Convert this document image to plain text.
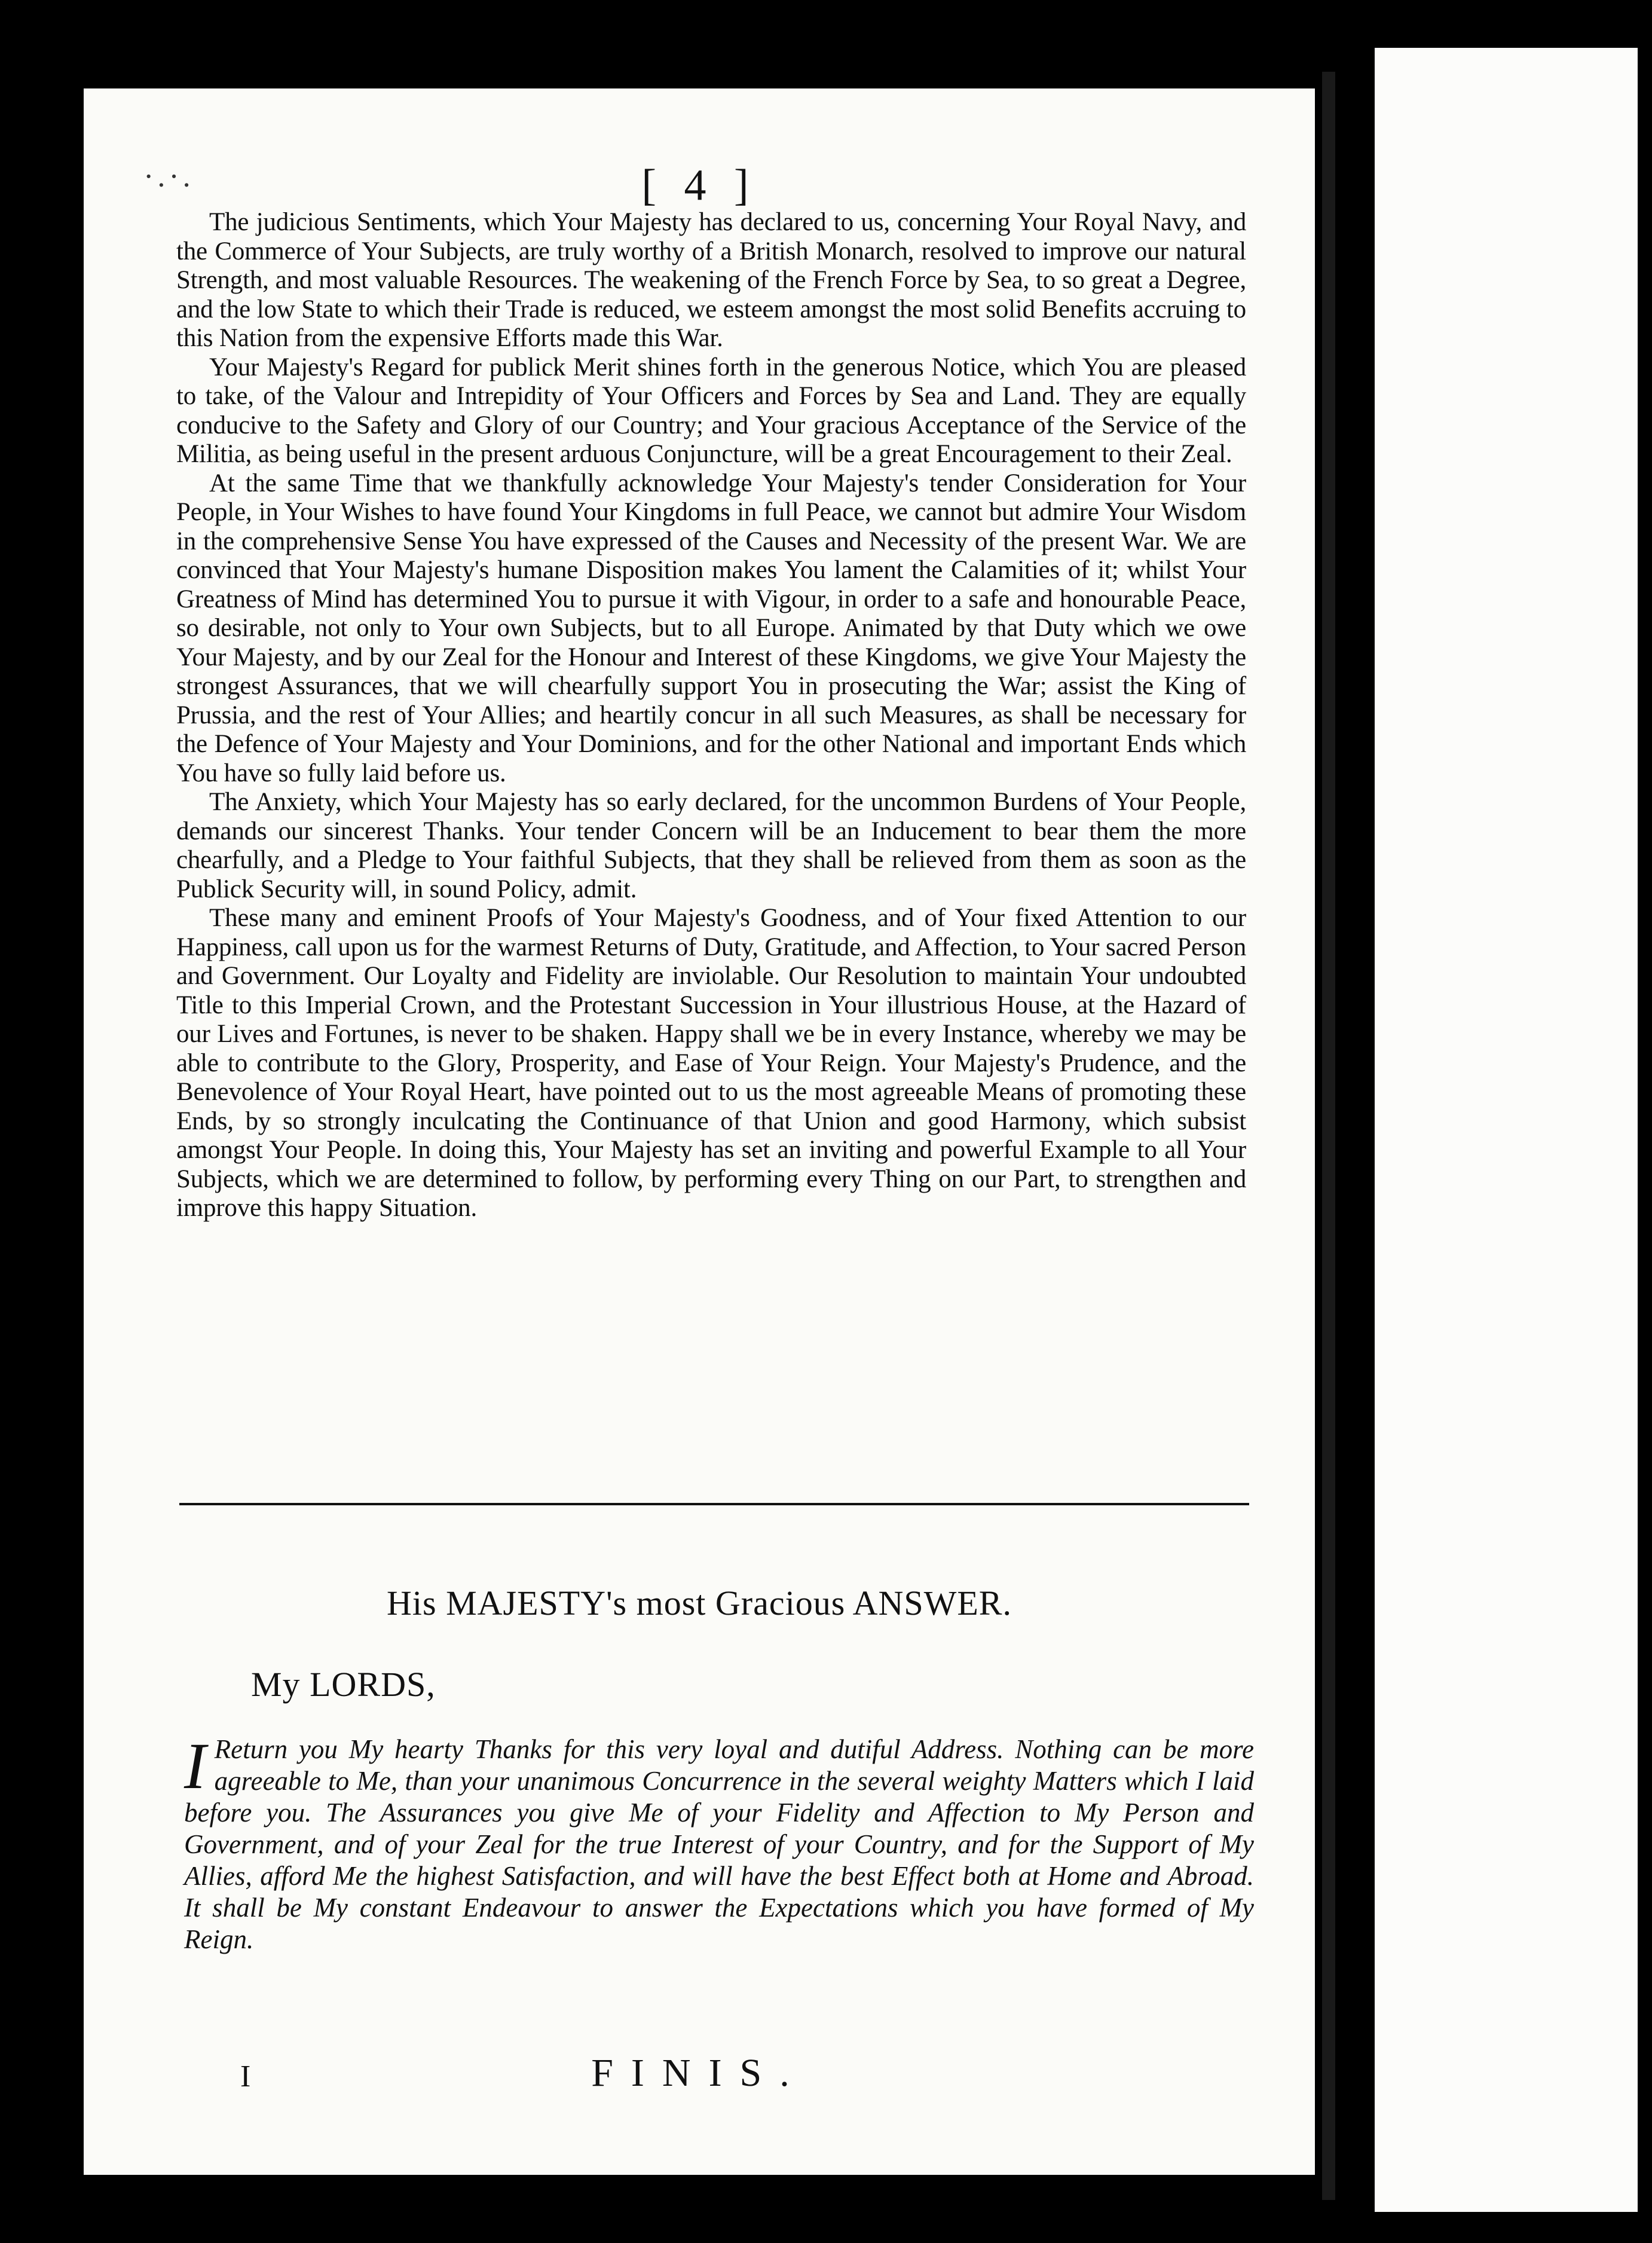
·.·.	[ 4 ]

The judicious Sentiments, which Your Majesty has declared to us, concerning Your Royal Navy, and the Commerce of Your Subjects, are truly worthy of a British Monarch, resolved to improve our natural Strength, and most valuable Resources. The weakening of the French Force by Sea, to so great a Degree, and the low State to which their Trade is reduced, we esteem amongst the most solid Benefits accruing to this Nation from the expensive Efforts made this War.

Your Majesty's Regard for publick Merit shines forth in the generous Notice, which You are pleased to take, of the Valour and Intrepidity of Your Officers and Forces by Sea and Land. They are equally conducive to the Safety and Glory of our Country; and Your gracious Acceptance of the Service of the Militia, as being useful in the present arduous Conjuncture, will be a great Encouragement to their Zeal.

At the same Time that we thankfully acknowledge Your Majesty's tender Consideration for Your People, in Your Wishes to have found Your Kingdoms in full Peace, we cannot but admire Your Wisdom in the comprehensive Sense You have expressed of the Causes and Necessity of the present War. We are convinced that Your Majesty's humane Disposition makes You lament the Calamities of it; whilst Your Greatness of Mind has determined You to pursue it with Vigour, in order to a safe and honourable Peace, so desirable, not only to Your own Subjects, but to all Europe. Animated by that Duty which we owe Your Majesty, and by our Zeal for the Honour and Interest of these Kingdoms, we give Your Majesty the strongest Assurances, that we will chearfully support You in prosecuting the War; assist the King of Prussia, and the rest of Your Allies; and heartily concur in all such Measures, as shall be necessary for the Defence of Your Majesty and Your Dominions, and for the other National and important Ends which You have so fully laid before us.

The Anxiety, which Your Majesty has so early declared, for the uncommon Burdens of Your People, demands our sincerest Thanks. Your tender Concern will be an Inducement to bear them the more chearfully, and a Pledge to Your faithful Subjects, that they shall be relieved from them as soon as the Publick Security will, in sound Policy, admit.

These many and eminent Proofs of Your Majesty's Goodness, and of Your fixed Attention to our Happiness, call upon us for the warmest Returns of Duty, Gratitude, and Affection, to Your sacred Person and Government. Our Loyalty and Fidelity are inviolable. Our Resolution to maintain Your undoubted Title to this Imperial Crown, and the Protestant Succession in Your illustrious House, at the Hazard of our Lives and Fortunes, is never to be shaken. Happy shall we be in every Instance, whereby we may be able to contribute to the Glory, Prosperity, and Ease of Your Reign. Your Majesty's Prudence, and the Benevolence of Your Royal Heart, have pointed out to us the most agreeable Means of promoting these Ends, by so strongly inculcating the Continuance of that Union and good Harmony, which subsist amongst Your People. In doing this, Your Majesty has set an inviting and powerful Example to all Your Subjects, which we are determined to follow, by performing every Thing on our Part, to strengthen and improve this happy Situation.

His MAJESTY's most Gracious ANSWER.
My LORDS,
I Return you My hearty Thanks for this very loyal and dutiful Address. Nothing can be more agreeable to Me, than your unanimous Concurrence in the several weighty Matters which I laid before you. The Assurances you give Me of your Fidelity and Affection to My Person and Government, and of your Zeal for the true Interest of your Country, and for the Support of My Allies, afford Me the highest Satisfaction, and will have the best Effect both at Home and Abroad. It shall be My constant Endeavour to answer the Expectations which you have formed of My Reign.
I	FINIS.
